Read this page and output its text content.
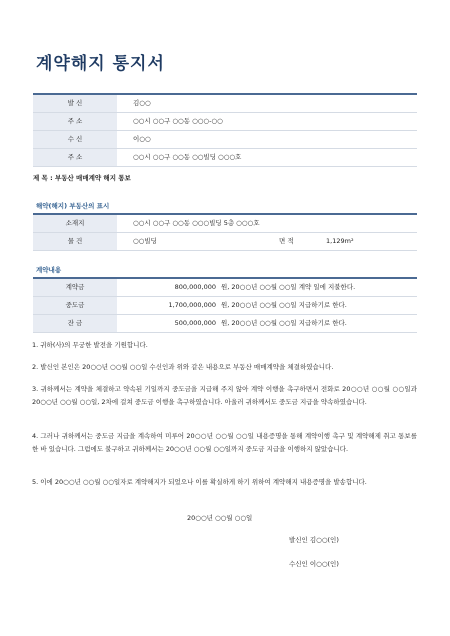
계약해지 통지서
발 신	김○○
주 소	○○시 ○○구 ○○동 ○○○-○○
수 신	이○○
주 소	○○시 ○○구 ○○동 ○○빌딩 ○○○호
제 목 : 부동산 매매계약 해지 통보
해약(해지) 부동산의 표시
소재지	○○시 ○○구 ○○동 ○○○빌딩 5층 ○○○호
물 건	○○빌딩	면 적	1,129m²
계약내용
계약금	800,000,000 원, 20○○년 ○○월 ○○일 계약 일에 지불한다.
중도금	1,700,000,000 원, 20○○년 ○○월 ○○일 지급하기로 한다.
잔 금	500,000,000 원, 20○○년 ○○월 ○○일 지급하기로 한다.
1. 귀하(사)의 무궁한 발전을 기원합니다.
2. 발신인 본인은 20○○년 ○○월 ○○일 수신인과 위와 같은 내용으로 부동산 매매계약을 체결하였습니다.
3. 귀하께서는 계약을 체결하고 약속된 기일까지 중도금을 지급해 주지 않아 계약 이행을 촉구하면서 전화로 20○○년 ○○월 ○○일과 20○○년 ○○월 ○○일, 2차에 걸쳐 중도금 이행을 촉구하였습니다. 아울러 귀하께서도 중도금 지급을 약속하였습니다.
4. 그러나 귀하께서는 중도금 지급을 계속하여 미루어 20○○년 ○○월 ○○일 내용증명을 통해 계약이행 촉구 및 계약해제 취고 통보를 한 바 있습니다. 그럼에도 불구하고 귀하께서는 20○○년 ○○월 ○○일까지 중도금 지급을 이행하지 않았습니다.
5. 이에 20○○년 ○○월 ○○일자로 계약해지가 되었으나 이를 확실하게 하기 위하여 계약해지 내용증명을 발송합니다.
20○○년 ○○월 ○○일
발신인 김○○(인)
수신인 이○○(인)
